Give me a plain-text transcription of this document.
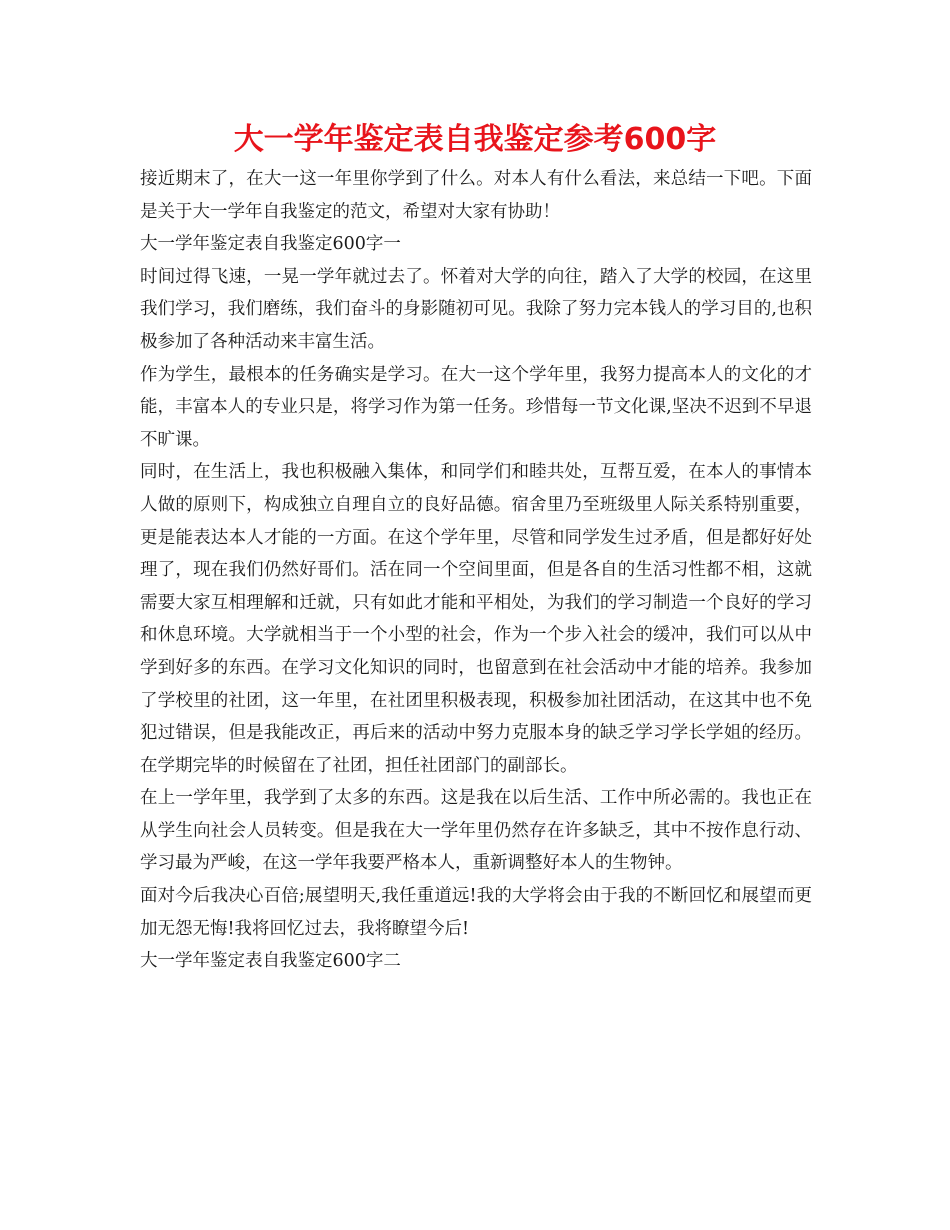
大一学年鉴定表自我鉴定参考600字

接近期末了，在大一这一年里你学到了什么。对本人有什么看法，来总结一下吧。下面是关于大一学年自我鉴定的范文，希望对大家有协助！

大一学年鉴定表自我鉴定600字一

时间过得飞速，一晃一学年就过去了。怀着对大学的向往，踏入了大学的校园，在这里我们学习，我们磨练，我们奋斗的身影随初可见。我除了努力完本钱人的学习目的,也积极参加了各种活动来丰富生活。

作为学生，最根本的任务确实是学习。在大一这个学年里，我努力提高本人的文化的才能，丰富本人的专业只是，将学习作为第一任务。珍惜每一节文化课,坚决不迟到不早退不旷课。

同时，在生活上，我也积极融入集体，和同学们和睦共处，互帮互爱，在本人的事情本人做的原则下，构成独立自理自立的良好品德。宿舍里乃至班级里人际关系特别重要，更是能表达本人才能的一方面。在这个学年里，尽管和同学发生过矛盾，但是都好好处理了，现在我们仍然好哥们。活在同一个空间里面，但是各自的生活习性都不相，这就需要大家互相理解和迁就，只有如此才能和平相处，为我们的学习制造一个良好的学习和休息环境。大学就相当于一个小型的社会，作为一个步入社会的缓冲，我们可以从中学到好多的东西。在学习文化知识的同时，也留意到在社会活动中才能的培养。我参加了学校里的社团，这一年里，在社团里积极表现，积极参加社团活动，在这其中也不免犯过错误，但是我能改正，再后来的活动中努力克服本身的缺乏学习学长学姐的经历。在学期完毕的时候留在了社团，担任社团部门的副部长。

在上一学年里，我学到了太多的东西。这是我在以后生活、工作中所必需的。我也正在从学生向社会人员转变。但是我在大一学年里仍然存在许多缺乏，其中不按作息行动、学习最为严峻，在这一学年我要严格本人，重新调整好本人的生物钟。

面对今后我决心百倍;展望明天,我任重道远!我的大学将会由于我的不断回忆和展望而更加无怨无悔!我将回忆过去，我将瞭望今后!

大一学年鉴定表自我鉴定600字二
